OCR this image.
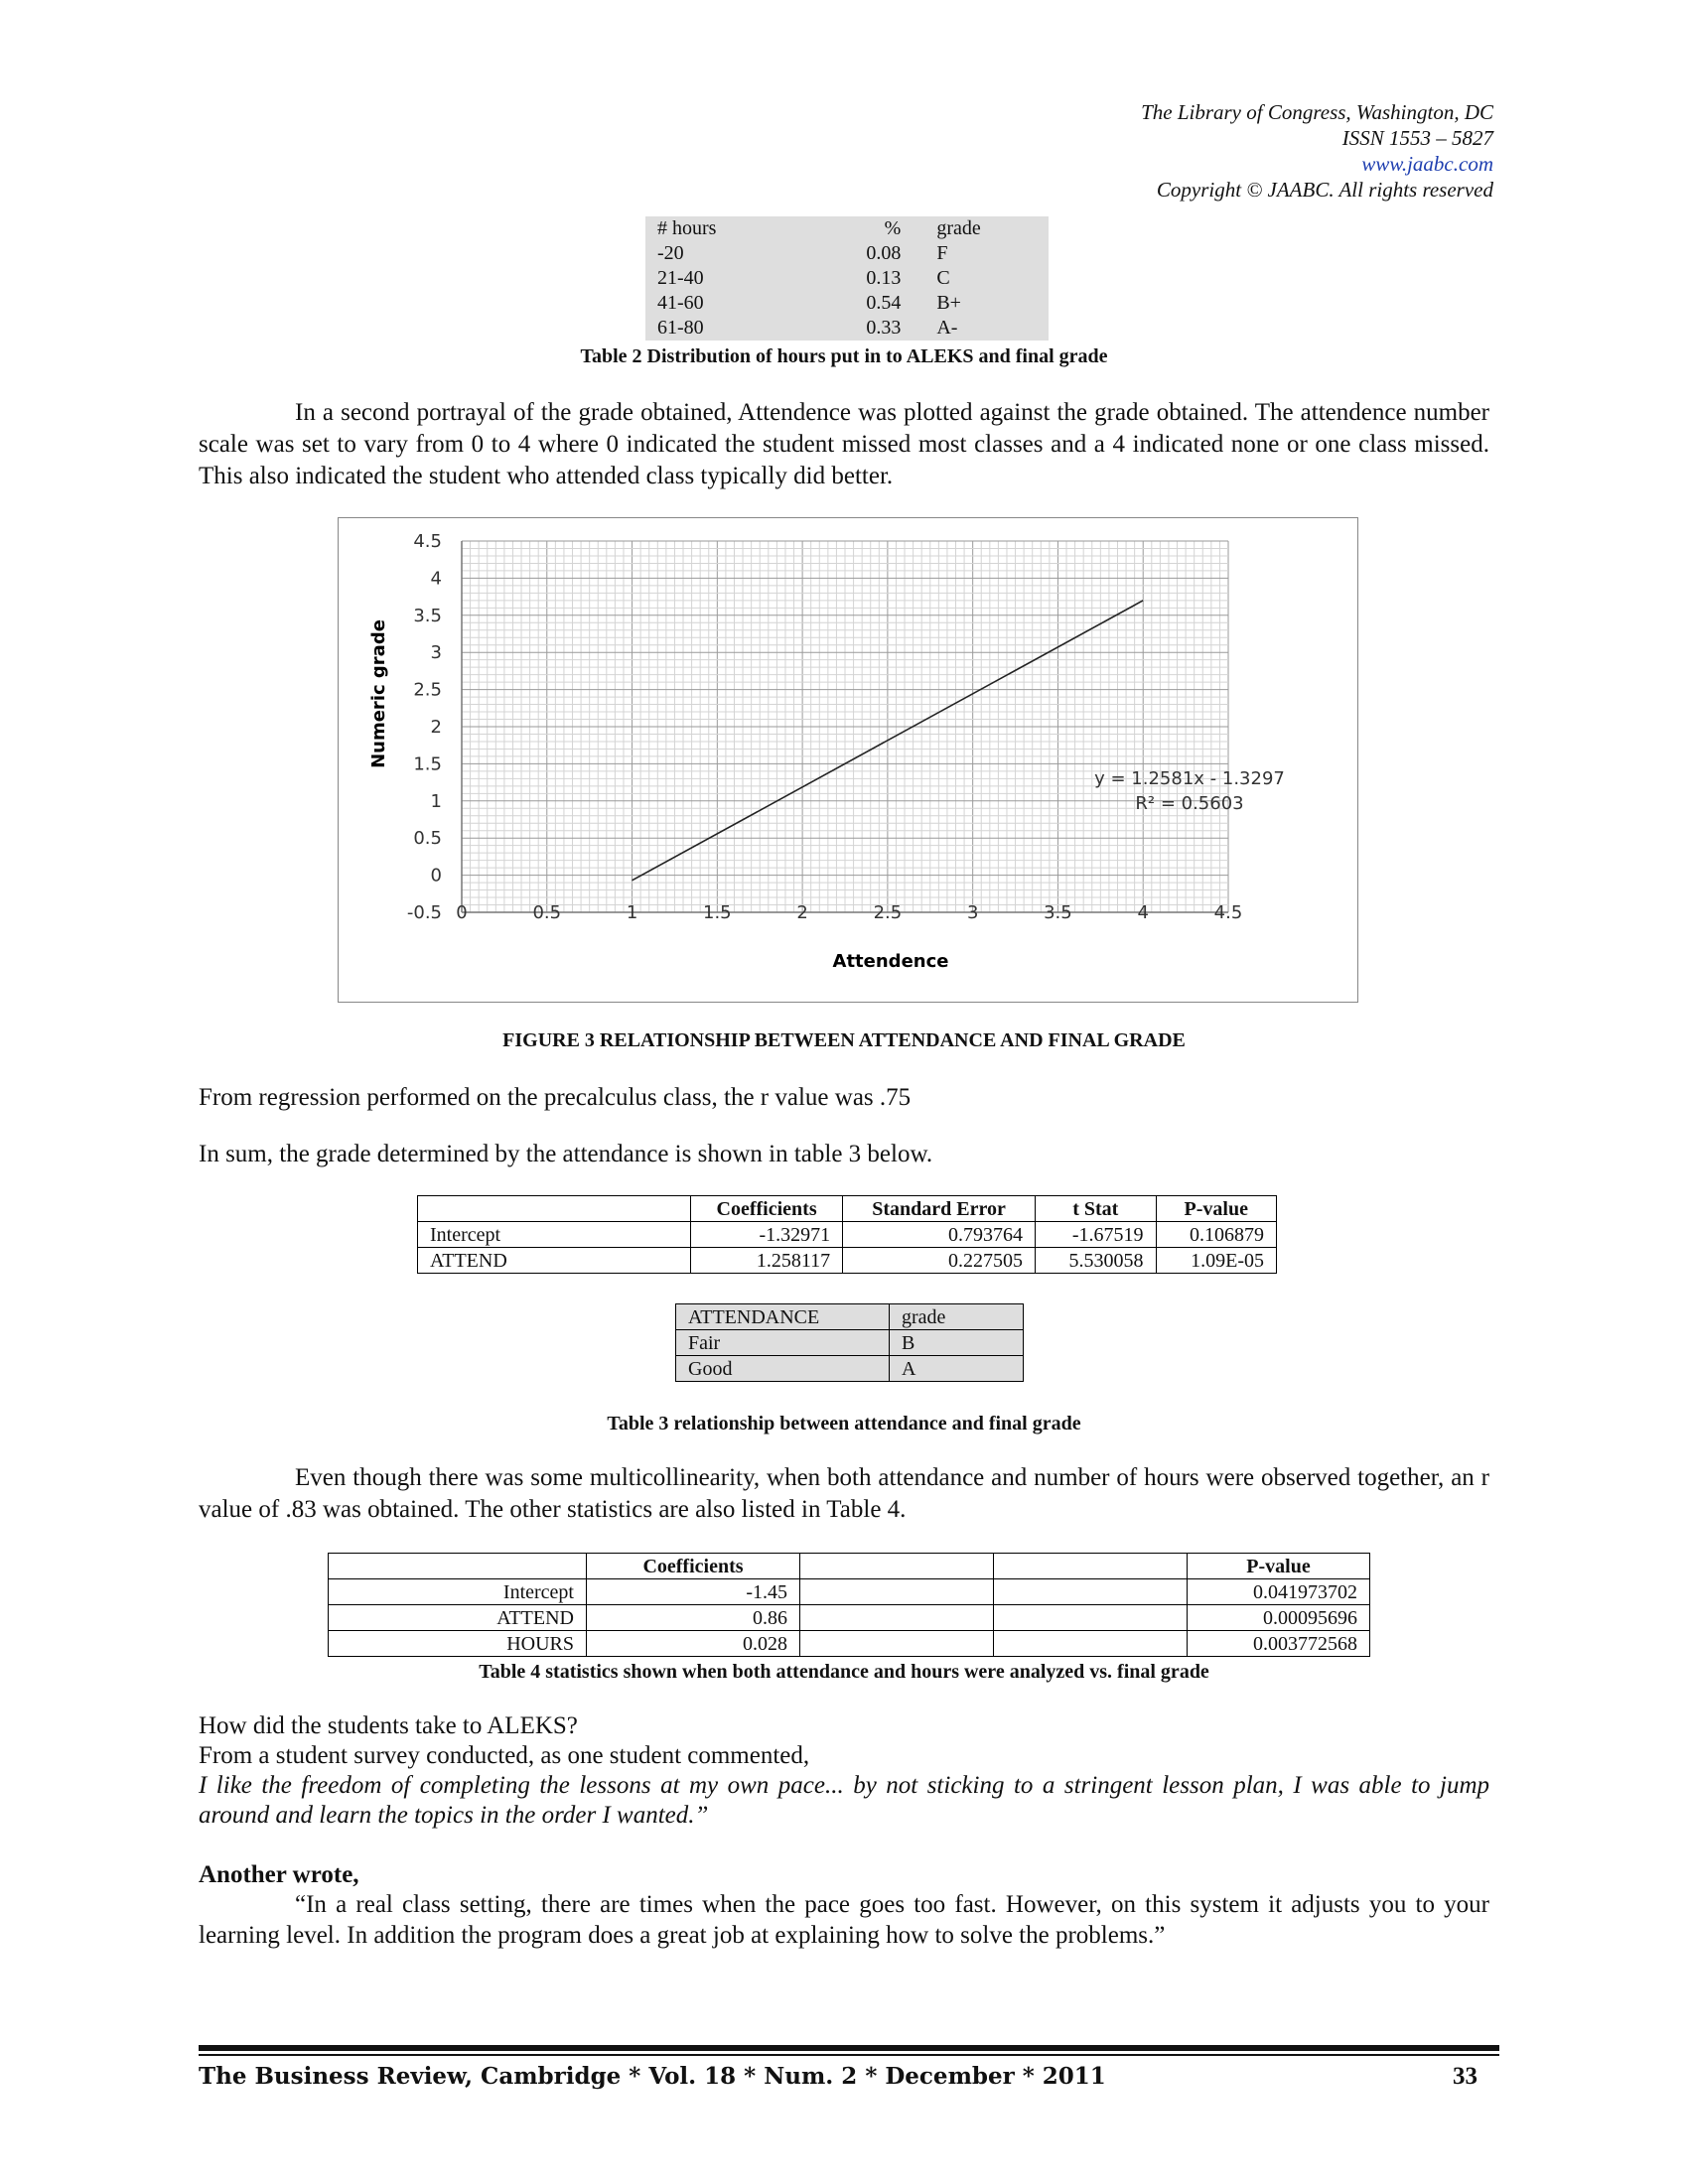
The Library of Congress, Washington, DC
ISSN 1553 – 5827
www.jaabc.com
Copyright © JAABC. All rights reserved
# hours	%	grade
-20	0.08	F
21-40	0.13	C
41-60	0.54	B+
61-80	0.33	A-
Table 2 Distribution of hours put in to ALEKS and final grade
In a second portrayal of the grade obtained, Attendence was plotted against the grade obtained. The attendence number scale was set to vary from 0 to 4 where 0 indicated the student missed most classes and a 4 indicated none or one class missed. This also indicated the student who attended class typically did better.
0	0.5	1	1.5	2	2.5	3	3.5	4	4.5
-0.5
0
0.5
1
1.5
2
2.5
3
3.5
4
4.5
Numeric grade
Attendence
y = 1.2581x - 1.3297
R² = 0.5603
FIGURE 3 RELATIONSHIP BETWEEN ATTENDANCE AND FINAL GRADE
From regression performed on the precalculus class, the r value was .75
In sum, the grade determined by the attendance is shown in table 3 below.
	Coefficients	Standard Error	t Stat	P-value
Intercept	-1.32971	0.793764	-1.67519	0.106879
ATTEND	1.258117	0.227505	5.530058	1.09E-05
ATTENDANCE	grade
Fair	B
Good	A
Table 3 relationship between attendance and final grade
Even though there was some multicollinearity, when both attendance and number of hours were observed together, an r value of .83 was obtained. The other statistics are also listed in Table 4.
	Coefficients			P-value
Intercept	-1.45			0.041973702
ATTEND	0.86			0.00095696
HOURS	0.028			0.003772568
Table 4 statistics shown when both attendance and hours were analyzed vs. final grade
How did the students take to ALEKS?
From a student survey conducted, as one student commented,
I like the freedom of completing the lessons at my own pace... by not sticking to a stringent lesson plan, I was able to jump around and learn the topics in the order I wanted.”
Another wrote,
“In a real class setting, there are times when the pace goes too fast. However, on this system it adjusts you to your learning level. In addition the program does a great job at explaining how to solve the problems.”
The Business Review, Cambridge * Vol. 18 * Num. 2 * December * 2011	33
